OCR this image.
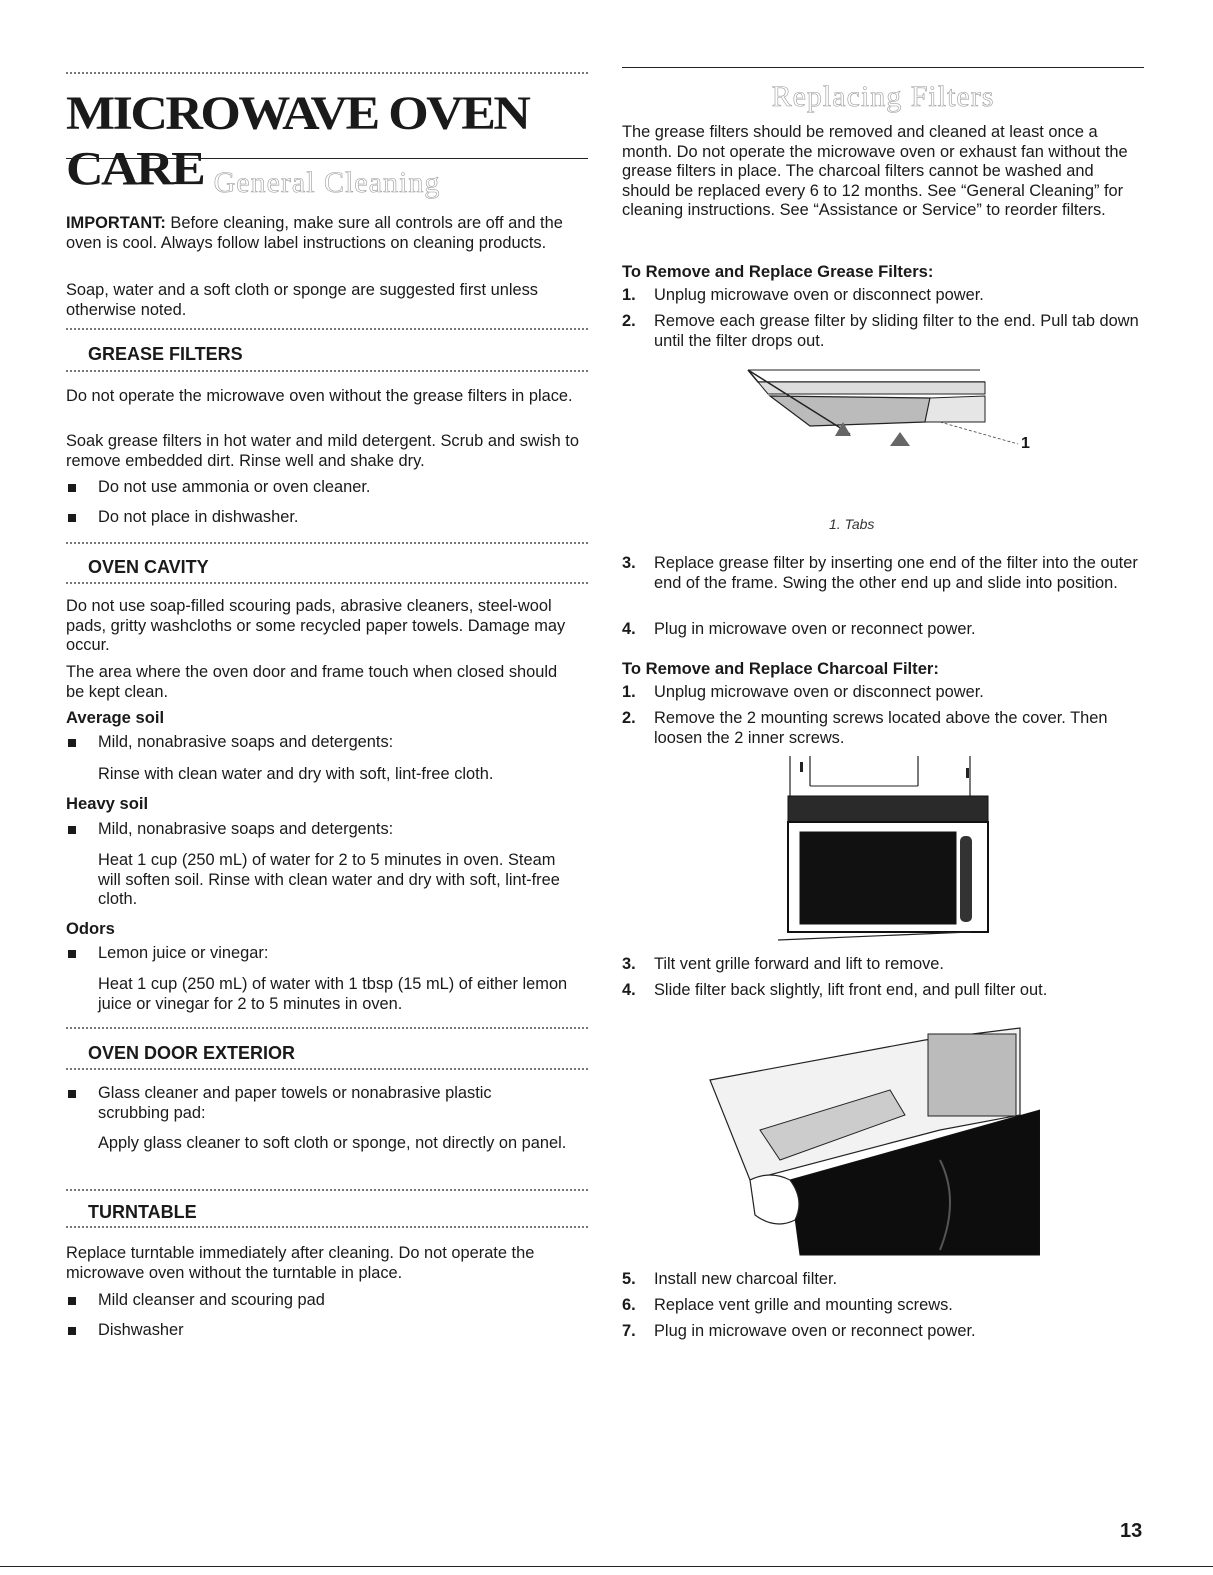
MICROWAVE OVEN CARE General Cleaning

IMPORTANT: Before cleaning, make sure all controls are off and the oven is cool. Always follow label instructions on cleaning products.

Soap, water and a soft cloth or sponge are suggested first unless otherwise noted.

GREASE FILTERS

Do not operate the microwave oven without the grease filters in place.

Soak grease filters in hot water and mild detergent. Scrub and swish to remove embedded dirt. Rinse well and shake dry.

Do not use ammonia or oven cleaner.

Do not place in dishwasher.

OVEN CAVITY

Do not use soap-filled scouring pads, abrasive cleaners, steel-wool pads, gritty washcloths or some recycled paper towels. Damage may occur.

The area where the oven door and frame touch when closed should be kept clean.

Average soil

Mild, nonabrasive soaps and detergents:

Rinse with clean water and dry with soft, lint-free cloth.

Heavy soil

Mild, nonabrasive soaps and detergents:

Heat 1 cup (250 mL) of water for 2 to 5 minutes in oven. Steam will soften soil. Rinse with clean water and dry with soft, lint-free cloth.

Odors

Lemon juice or vinegar:

Heat 1 cup (250 mL) of water with 1 tbsp (15 mL) of either lemon juice or vinegar for 2 to 5 minutes in oven.

OVEN DOOR EXTERIOR

Glass cleaner and paper towels or nonabrasive plastic scrubbing pad:

Apply glass cleaner to soft cloth or sponge, not directly on panel.

TURNTABLE

Replace turntable immediately after cleaning. Do not operate the microwave oven without the turntable in place.

Mild cleanser and scouring pad

Dishwasher

Replacing Filters

The grease filters should be removed and cleaned at least once a month. Do not operate the microwave oven or exhaust fan without the grease filters in place. The charcoal filters cannot be washed and should be replaced every 6 to 12 months. See “General Cleaning” for cleaning instructions. See “Assistance or Service” to reorder filters.

To Remove and Replace Grease Filters:
1. Unplug microwave oven or disconnect power.

2. Remove each grease filter by sliding filter to the end. Pull tab down until the filter drops out.

1
1. Tabs
3. Replace grease filter by inserting one end of the filter into the outer end of the frame. Swing the other end up and slide into position.

4. Plug in microwave oven or reconnect power.

To Remove and Replace Charcoal Filter:
1. Unplug microwave oven or disconnect power.

2. Remove the 2 mounting screws located above the cover. Then loosen the 2 inner screws.

3. Tilt vent grille forward and lift to remove.

4. Slide filter back slightly, lift front end, and pull filter out.

5. Install new charcoal filter.

6. Replace vent grille and mounting screws.

7. Plug in microwave oven or reconnect power.

13
